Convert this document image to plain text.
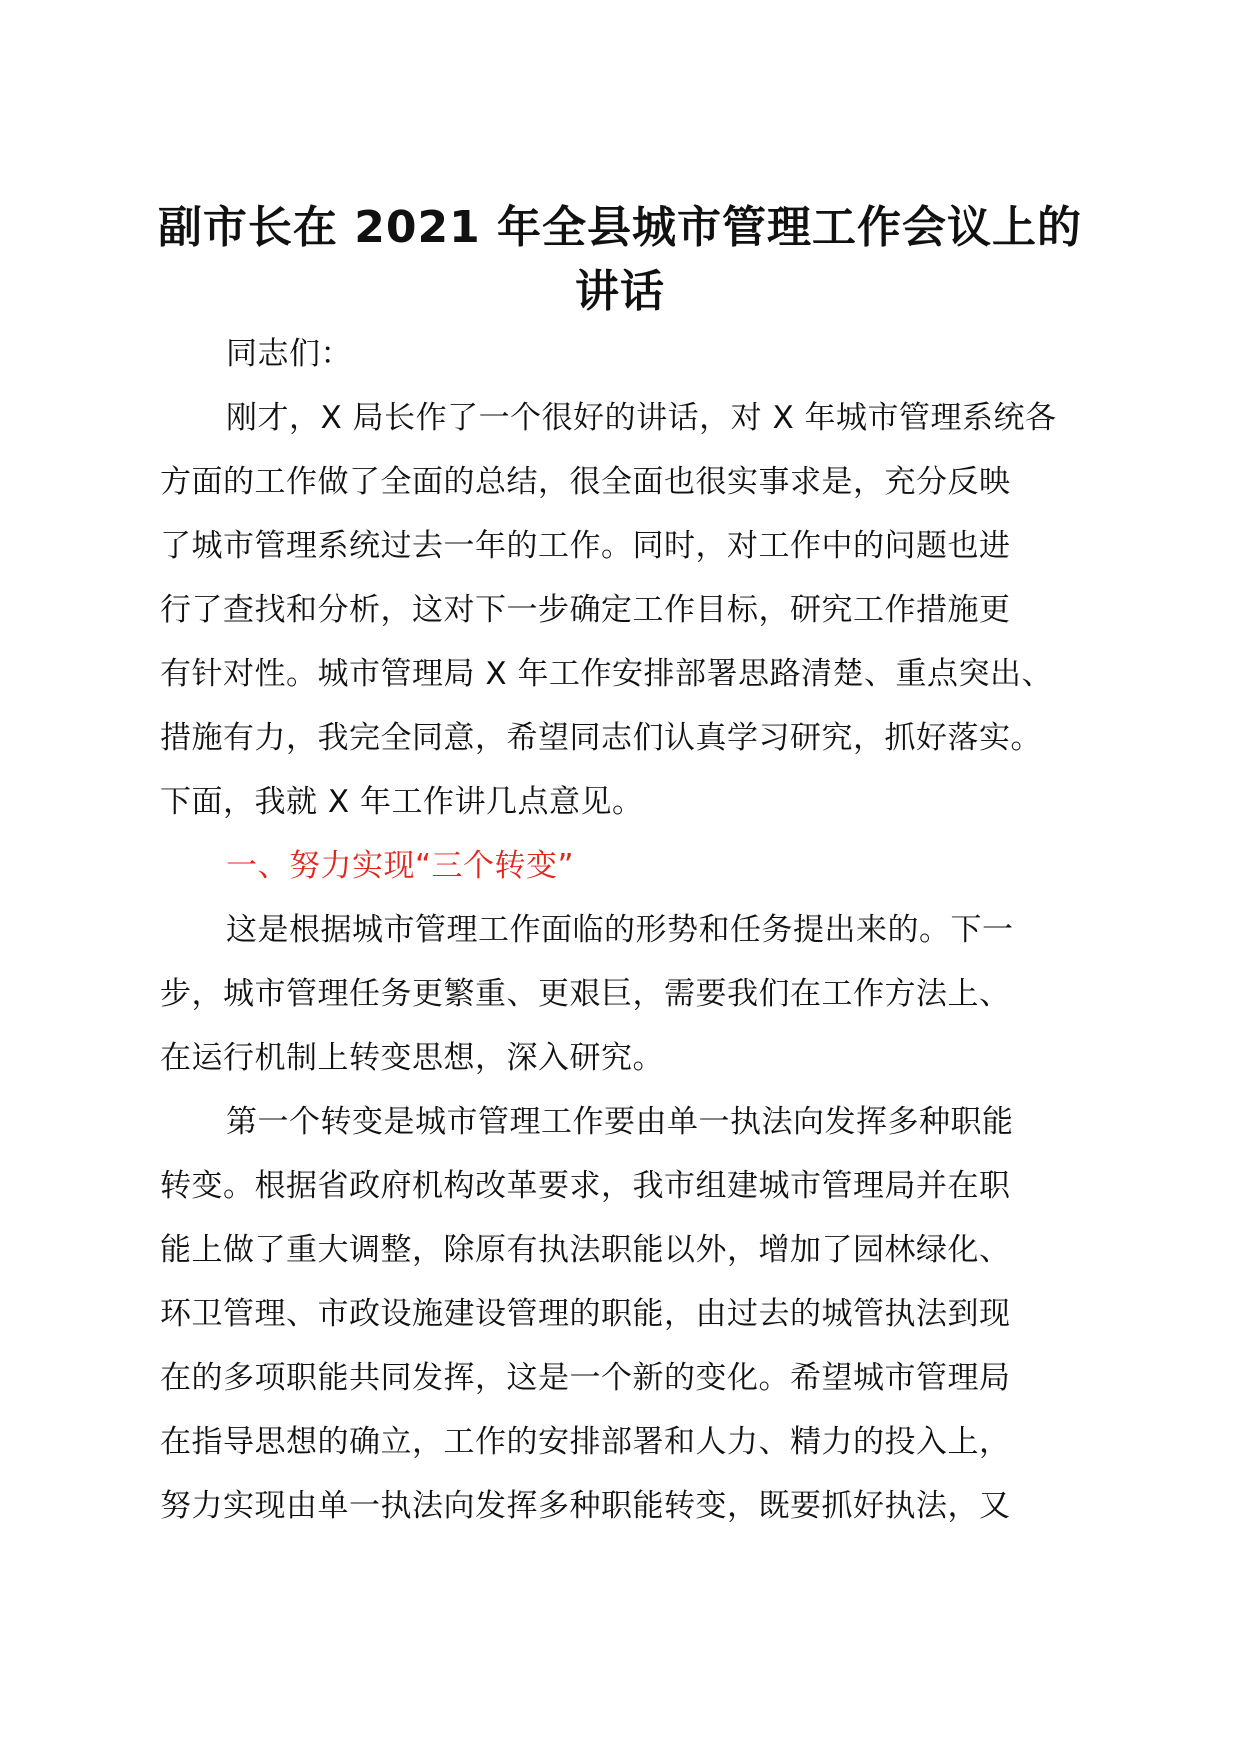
副市长在 2021 年全县城市管理工作会议上的
讲话

同志们：

刚才，X 局长作了一个很好的讲话，对 X 年城市管理系统各
方面的工作做了全面的总结，很全面也很实事求是，充分反映
了城市管理系统过去一年的工作。同时，对工作中的问题也进
行了查找和分析，这对下一步确定工作目标，研究工作措施更
有针对性。城市管理局 X 年工作安排部署思路清楚、重点突出、
措施有力，我完全同意，希望同志们认真学习研究，抓好落实。
下面，我就 X 年工作讲几点意见。

一、努力实现“三个转变”

这是根据城市管理工作面临的形势和任务提出来的。下一
步，城市管理任务更繁重、更艰巨，需要我们在工作方法上、
在运行机制上转变思想，深入研究。

第一个转变是城市管理工作要由单一执法向发挥多种职能
转变。根据省政府机构改革要求，我市组建城市管理局并在职
能上做了重大调整，除原有执法职能以外，增加了园林绿化、
环卫管理、市政设施建设管理的职能，由过去的城管执法到现
在的多项职能共同发挥，这是一个新的变化。希望城市管理局
在指导思想的确立，工作的安排部署和人力、精力的投入上，
努力实现由单一执法向发挥多种职能转变，既要抓好执法，又
